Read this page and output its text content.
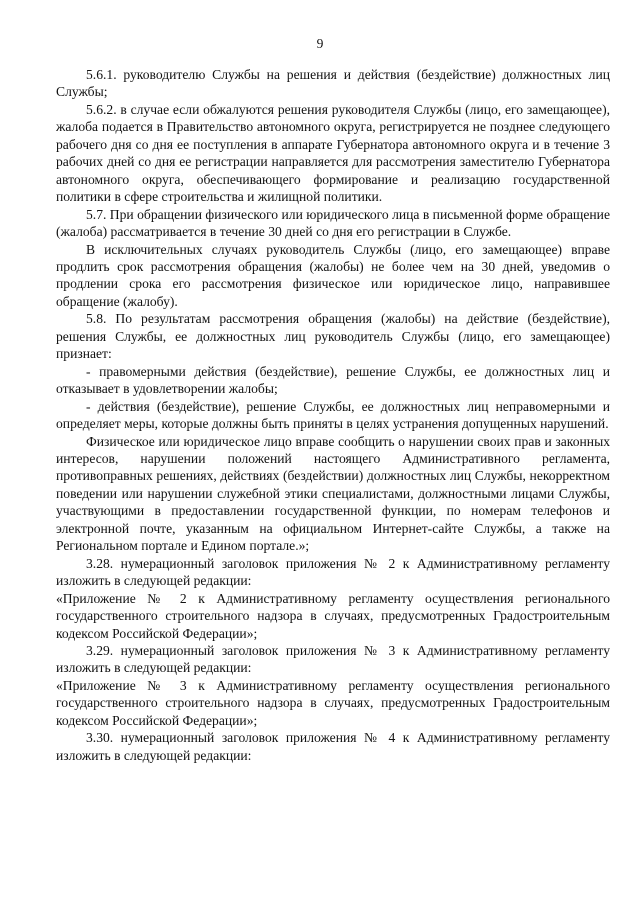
9

5.6.1. руководителю Службы на решения и действия (бездействие) должностных лиц Службы;

5.6.2. в случае если обжалуются решения руководителя Службы (лицо, его замещающее), жалоба подается в Правительство автономного округа, регистрируется не позднее следующего рабочего дня со дня ее поступления в аппарате Губернатора автономного округа и в течение 3 рабочих дней со дня ее регистрации направляется для рассмотрения заместителю Губернатора автономного округа, обеспечивающего формирование и реализацию государственной политики в сфере строительства и жилищной политики.

5.7. При обращении физического или юридического лица в письменной форме обращение (жалоба) рассматривается в течение 30 дней со дня его регистрации в Службе.

В исключительных случаях руководитель Службы (лицо, его замещающее) вправе продлить срок рассмотрения обращения (жалобы) не более чем на 30 дней, уведомив о продлении срока его рассмотрения физическое или юридическое лицо, направившее обращение (жалобу).

5.8. По результатам рассмотрения обращения (жалобы) на действие (бездействие), решения Службы, ее должностных лиц руководитель Службы (лицо, его замещающее) признает:

- правомерными действия (бездействие), решение Службы, ее должностных лиц и отказывает в удовлетворении жалобы;

- действия (бездействие), решение Службы, ее должностных лиц неправомерными и определяет меры, которые должны быть приняты в целях устранения допущенных нарушений.

Физическое или юридическое лицо вправе сообщить о нарушении своих прав и законных интересов, нарушении положений настоящего Административного регламента, противоправных решениях, действиях (бездействии) должностных лиц Службы, некорректном поведении или нарушении служебной этики специалистами, должностными лицами Службы, участвующими в предоставлении государственной функции, по номерам телефонов и электронной почте, указанным на официальном Интернет-сайте Службы, а также на Региональном портале и Едином портале.»;

3.28. нумерационный заголовок приложения № 2 к Административному регламенту изложить в следующей редакции:

«Приложение № 2 к Административному регламенту осуществления регионального государственного строительного надзора в случаях, предусмотренных Градостроительным кодексом Российской Федерации»;

3.29. нумерационный заголовок приложения № 3 к Административному регламенту изложить в следующей редакции:

«Приложение № 3 к Административному регламенту осуществления регионального государственного строительного надзора в случаях, предусмотренных Градостроительным кодексом Российской Федерации»;

3.30. нумерационный заголовок приложения № 4 к Административному регламенту изложить в следующей редакции:
